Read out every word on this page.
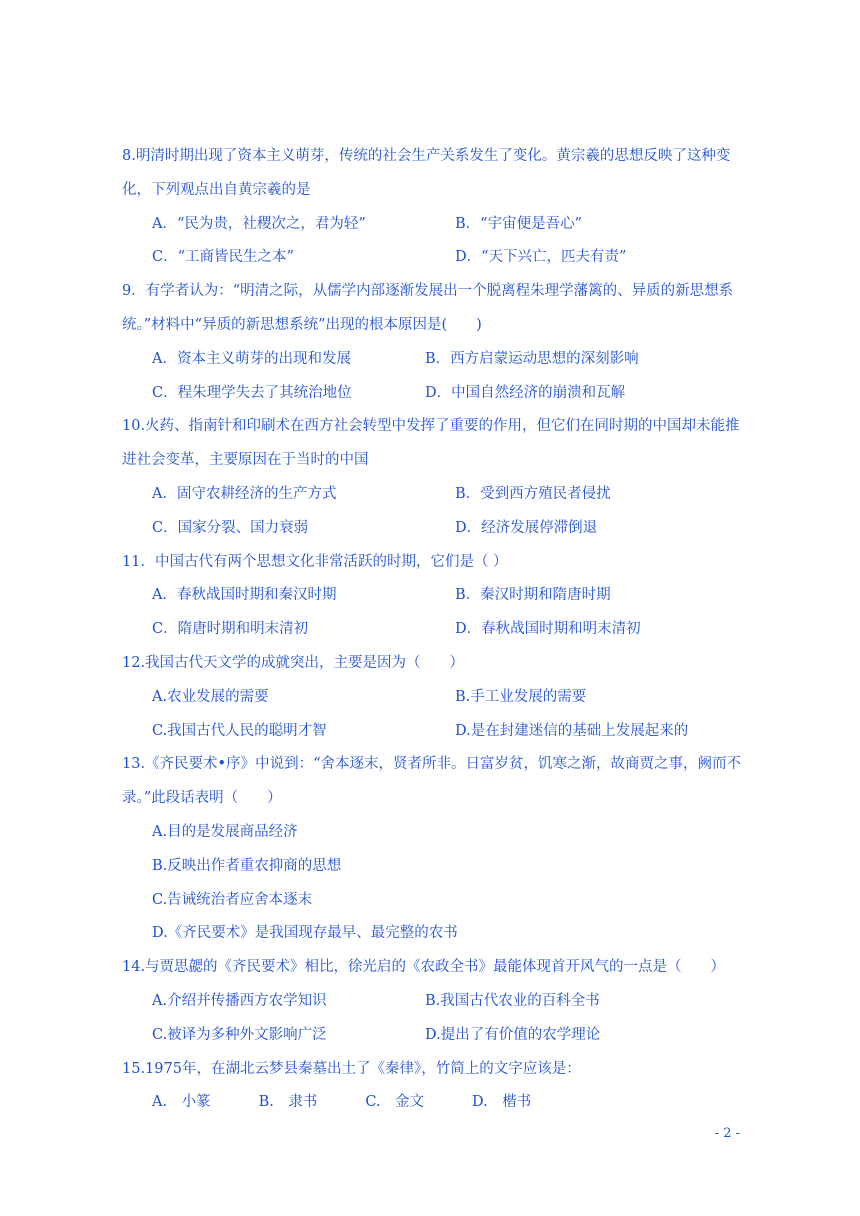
8.明清时期出现了资本主义萌芽，传统的社会生产关系发生了变化。黄宗羲的思想反映了这种变化，下列观点出自黄宗羲的是

A．“民为贵，社稷次之，君为轻”	B．“宇宙便是吾心”
C．“工商皆民生之本”	D．“天下兴亡，匹夫有责”

9．有学者认为：“明清之际，从儒学内部逐渐发展出一个脱离程朱理学藩篱的、异质的新思想系统。”材料中“异质的新思想系统”出现的根本原因是(　　)

A．资本主义萌芽的出现和发展	B．西方启蒙运动思想的深刻影响
C．程朱理学失去了其统治地位	D．中国自然经济的崩溃和瓦解

10.火药、指南针和印刷术在西方社会转型中发挥了重要的作用，但它们在同时期的中国却未能推进社会变革，主要原因在于当时的中国

A．固守农耕经济的生产方式	B．受到西方殖民者侵扰
C．国家分裂、国力衰弱	D．经济发展停滞倒退

11．中国古代有两个思想文化非常活跃的时期，它们是（ ）

A．春秋战国时期和秦汉时期	B．秦汉时期和隋唐时期
C．隋唐时期和明末清初	D．春秋战国时期和明末清初

12.我国古代天文学的成就突出，主要是因为（　　）

A.农业发展的需要	B.手工业发展的需要
C.我国古代人民的聪明才智	D.是在封建迷信的基础上发展起来的

13.《齐民要术•序》中说到：“舍本逐末，贤者所非。日富岁贫，饥寒之渐，故商贾之事，阙而不录。”此段话表明（　　）

A.目的是发展商品经济
B.反映出作者重农抑商的思想
C.告诫统治者应舍本逐末
D.《齐民要术》是我国现存最早、最完整的农书

14.与贾思勰的《齐民要术》相比，徐光启的《农政全书》最能体现首开风气的一点是（　　）

A.介绍并传播西方农学知识	B.我国古代农业的百科全书
C.被译为多种外文影响广泛	D.提出了有价值的农学理论

15.1975年，在湖北云梦县秦墓出土了《秦律》，竹简上的文字应该是：

A.　小篆	B.　隶书	C.　金文	D.　楷书
- 2 -
